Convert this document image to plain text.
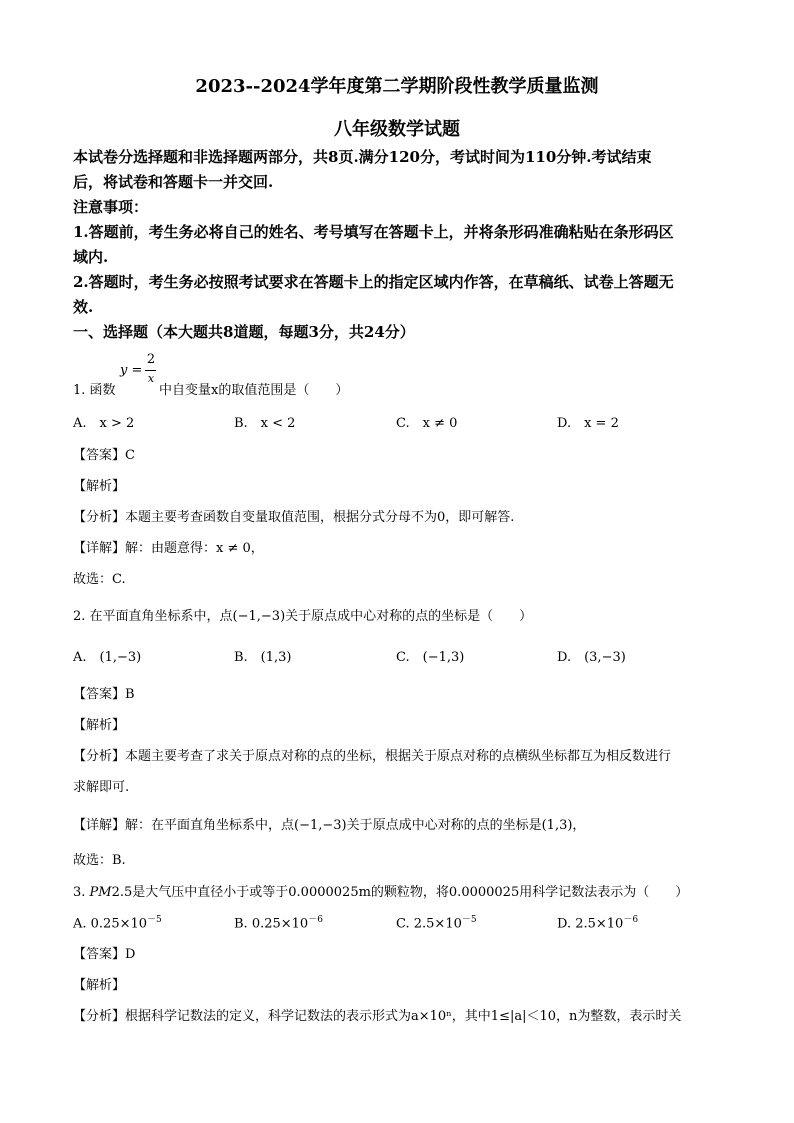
2023--2024学年度第二学期阶段性教学质量监测
八年级数学试题
本试卷分选择题和非选择题两部分，共8页.满分120分，考试时间为110分钟.考试结束
后，将试卷和答题卡一并交回.
注意事项：
1.答题前，考生务必将自己的姓名、考号填写在答题卡上，并将条形码准确粘贴在条形码区
域内.
2.答题时，考生务必按照考试要求在答题卡上的指定区域内作答，在草稿纸、试卷上答题无
效.
一、选择题（本大题共8道题，每题3分，共24分）
y =
2
x
1. 函数	中自变量x的取值范围是（　　）
A.　x > 2	B.　x < 2	C.　x ≠ 0	D.　x = 2
【答案】C
【解析】
【分析】本题主要考查函数自变量取值范围，根据分式分母不为0，即可解答.
【详解】解：由题意得：x ≠ 0，
故选：C.
2. 在平面直角坐标系中，点(−1,−3)关于原点成中心对称的点的坐标是（　　）
A.　(1,−3)	B.　(1,3)	C.　(−1,3)	D.　(3,−3)
【答案】B
【解析】
【分析】本题主要考查了求关于原点对称的点的坐标，根据关于原点对称的点横纵坐标都互为相反数进行
求解即可.
【详解】解：在平面直角坐标系中，点(−1,−3)关于原点成中心对称的点的坐标是(1,3)，
故选：B.
3. PM2.5是大气压中直径小于或等于0.0000025m的颗粒物，将0.0000025用科学记数法表示为（　　）
A. $0.25\times 10^{-5}$	B. $0.25\times 10^{-6}$	C. $2.5\times 10^{-5}$	D. $2.5\times 10^{-6}$
【答案】D
【解析】
【分析】根据科学记数法的定义，科学记数法的表示形式为a×10ⁿ，其中1≤|a|＜10，n为整数，表示时关
